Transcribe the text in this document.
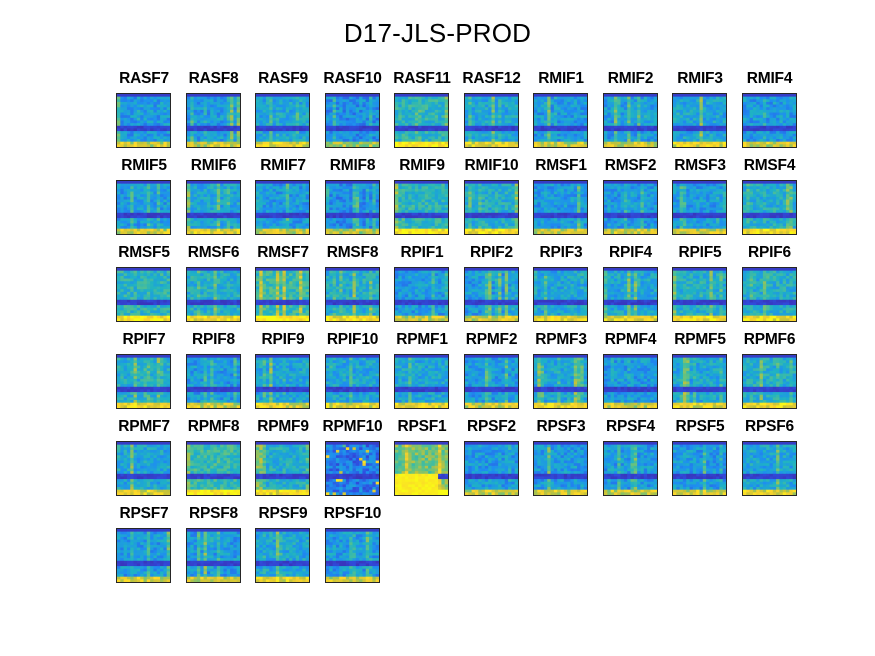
D17-JLS-PROD
RASF7	RASF8	RASF9 RASF10 RASF11 RASF12	RMIF1	RMIF2	RMIF3	RMIF4
RMIF5	RMIF6	RMIF7	RMIF8	RMIF9	RMIF10	RMSF1	RMSF2	RMSF3	RMSF4
RMSF5	RMSF6	RMSF7	RMSF8	RPIF1	RPIF2	RPIF3	RPIF4	RPIF5	RPIF6
RPIF7	RPIF8	RPIF9	RPIF10	RPMF1	RPMF2	RPMF3	RPMF4	RPMF5	RPMF6
RPMF7	RPMF8	RPMF9 RPMF10 RPSF1	RPSF2	RPSF3	RPSF4	RPSF5	RPSF6
RPSF7	RPSF8	RPSF9	RPSF10
